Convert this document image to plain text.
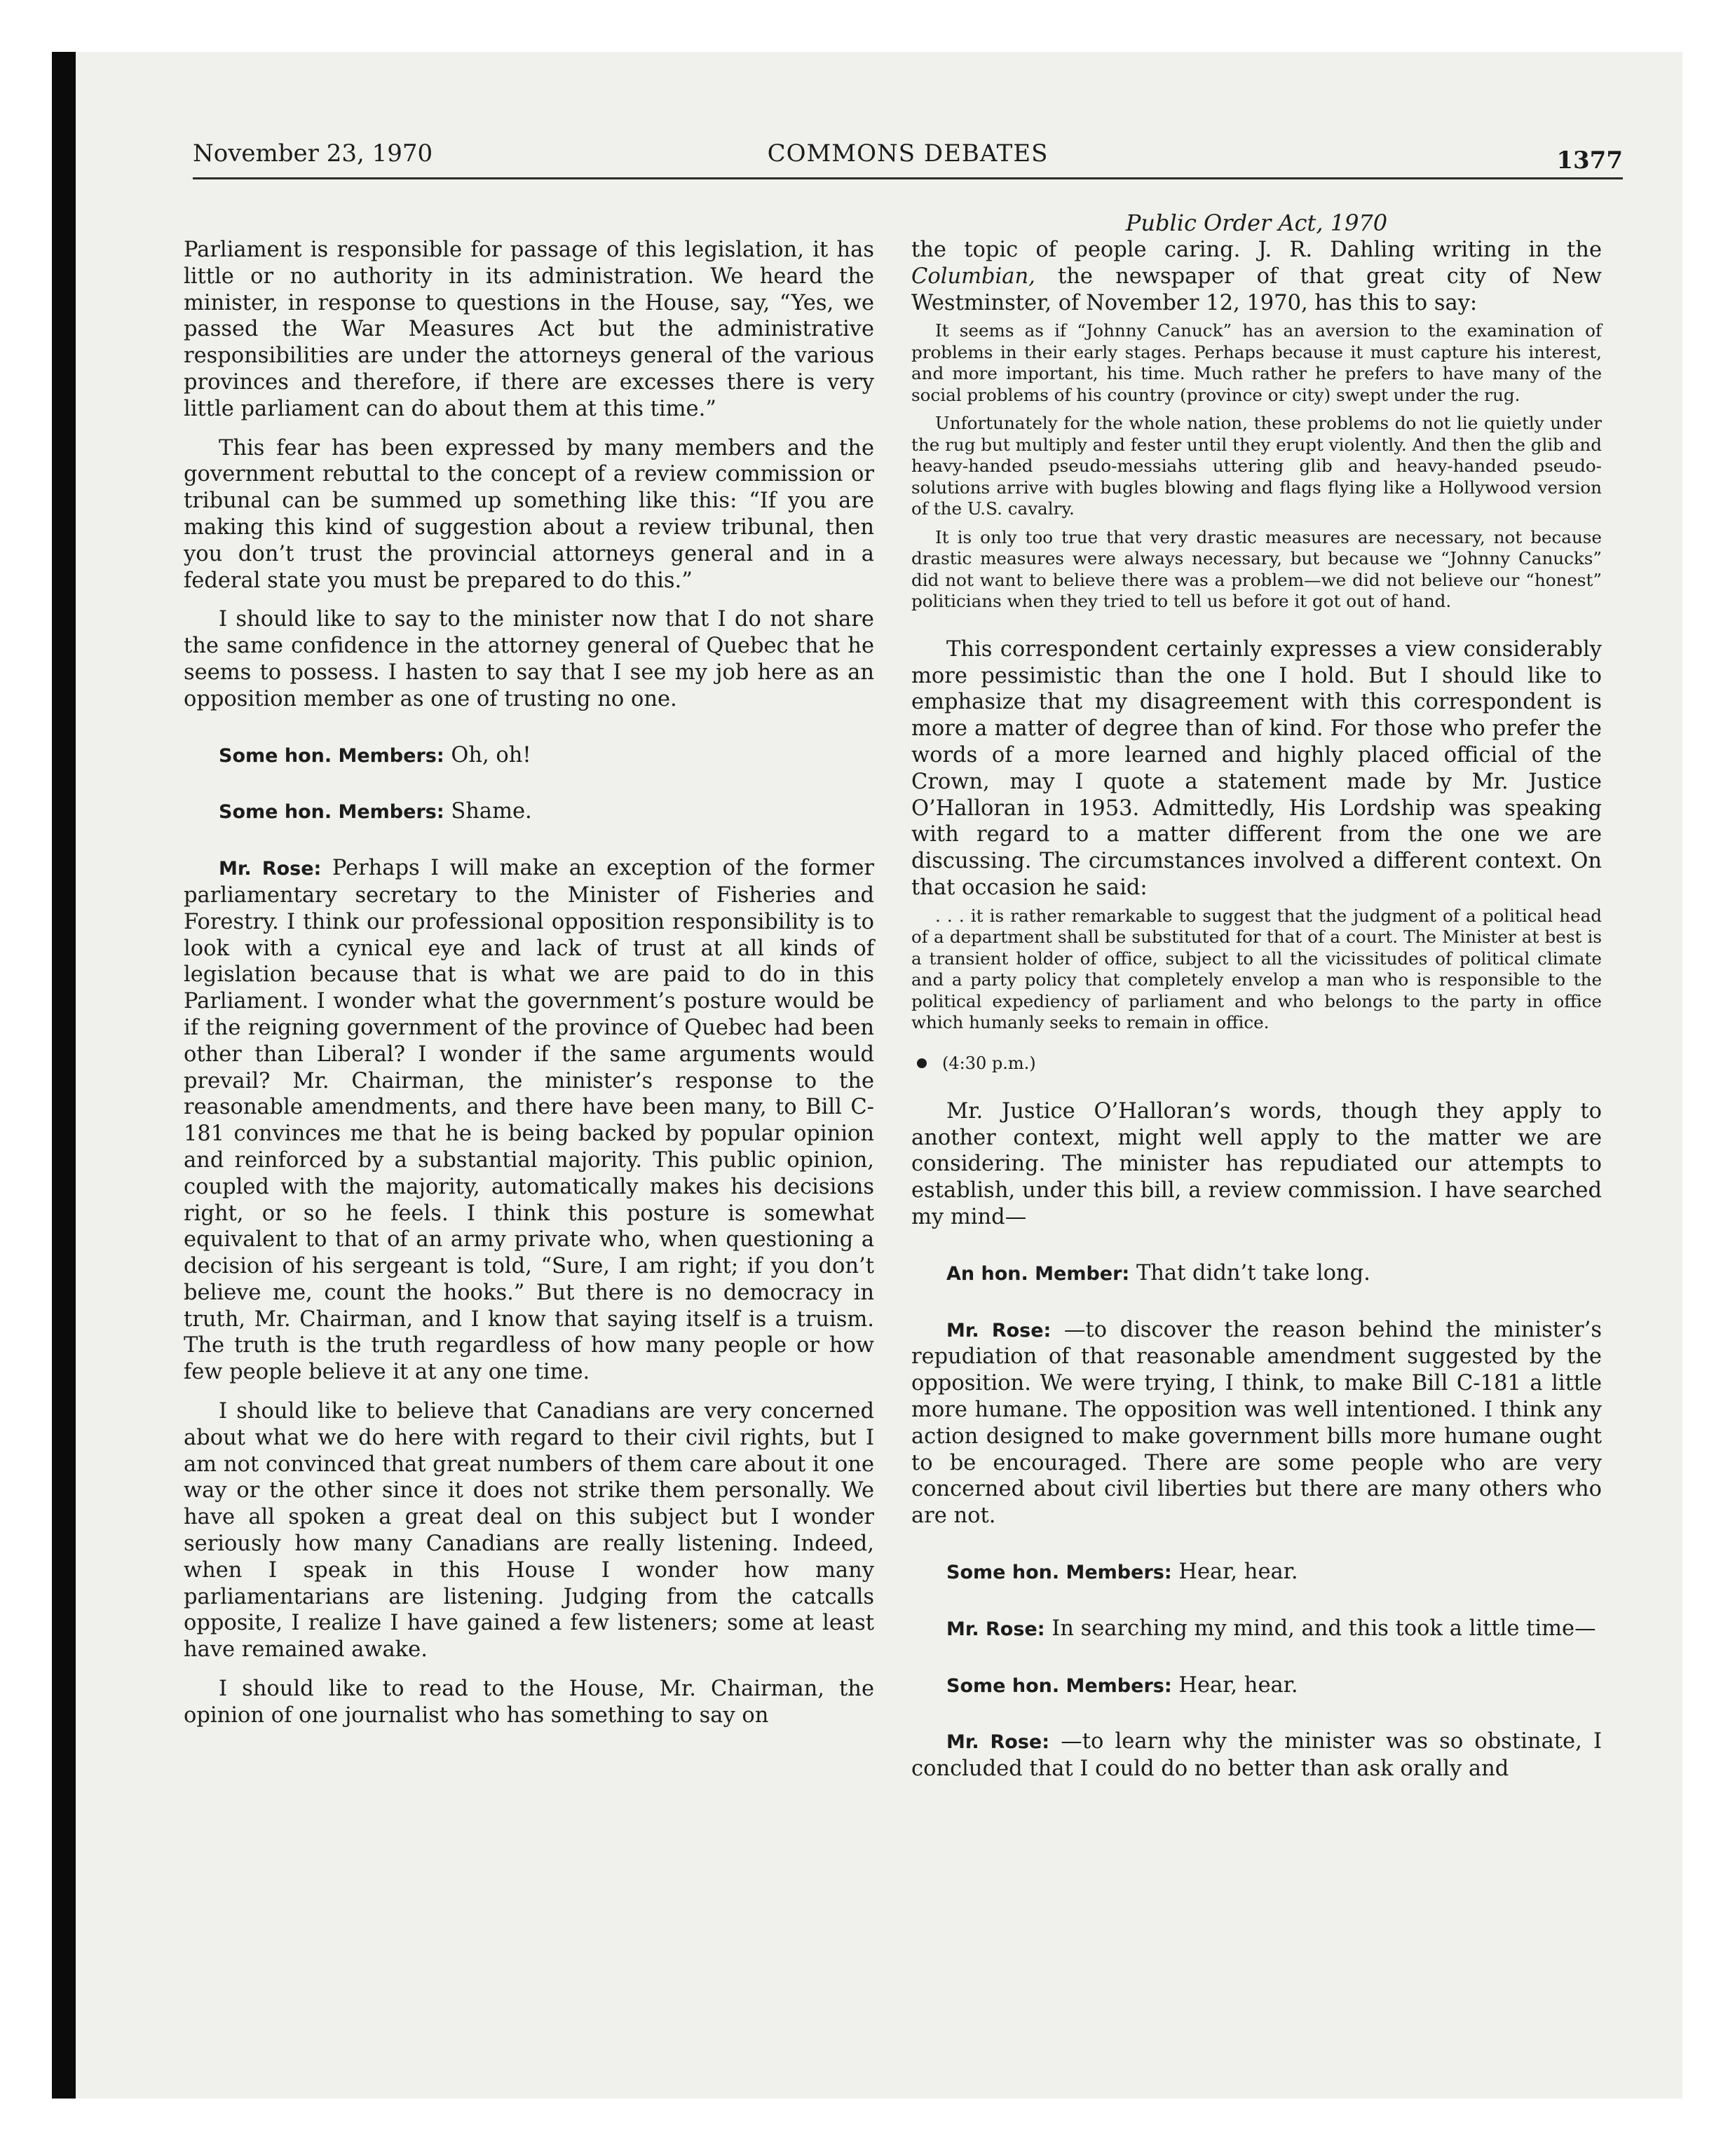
November 23, 1970	COMMONS DEBATES	1377

Parliament is responsible for passage of this legislation, it has little or no authority in its administration. We heard the minister, in response to questions in the House, say, “Yes, we passed the War Measures Act but the administrative responsibilities are under the attorneys general of the various provinces and therefore, if there are excesses there is very little parliament can do about them at this time.”

This fear has been expressed by many members and the government rebuttal to the concept of a review commission or tribunal can be summed up something like this: “If you are making this kind of suggestion about a review tribunal, then you don’t trust the provincial attorneys general and in a federal state you must be prepared to do this.”

I should like to say to the minister now that I do not share the same confidence in the attorney general of Quebec that he seems to possess. I hasten to say that I see my job here as an opposition member as one of trusting no one.

Some hon. Members: Oh, oh!

Some hon. Members: Shame.

Mr. Rose: Perhaps I will make an exception of the former parliamentary secretary to the Minister of Fisheries and Forestry. I think our professional opposition responsibility is to look with a cynical eye and lack of trust at all kinds of legislation because that is what we are paid to do in this Parliament. I wonder what the government’s posture would be if the reigning government of the province of Quebec had been other than Liberal? I wonder if the same arguments would prevail? Mr. Chairman, the minister’s response to the reasonable amendments, and there have been many, to Bill C-181 convinces me that he is being backed by popular opinion and reinforced by a substantial majority. This public opinion, coupled with the majority, automatically makes his decisions right, or so he feels. I think this posture is somewhat equivalent to that of an army private who, when questioning a decision of his sergeant is told, “Sure, I am right; if you don’t believe me, count the hooks.” But there is no democracy in truth, Mr. Chairman, and I know that saying itself is a truism. The truth is the truth regardless of how many people or how few people believe it at any one time.

I should like to believe that Canadians are very concerned about what we do here with regard to their civil rights, but I am not convinced that great numbers of them care about it one way or the other since it does not strike them personally. We have all spoken a great deal on this subject but I wonder seriously how many Canadians are really listening. Indeed, when I speak in this House I wonder how many parliamentarians are listening. Judging from the catcalls opposite, I realize I have gained a few listeners; some at least have remained awake.

I should like to read to the House, Mr. Chairman, the opinion of one journalist who has something to say on

Public Order Act, 1970

the topic of people caring. J. R. Dahling writing in the Columbian, the newspaper of that great city of New Westminster, of November 12, 1970, has this to say:

It seems as if “Johnny Canuck” has an aversion to the examination of problems in their early stages. Perhaps because it must capture his interest, and more important, his time. Much rather he prefers to have many of the social problems of his country (province or city) swept under the rug.

Unfortunately for the whole nation, these problems do not lie quietly under the rug but multiply and fester until they erupt violently. And then the glib and heavy-handed pseudo-messiahs uttering glib and heavy-handed pseudo-solutions arrive with bugles blowing and flags flying like a Hollywood version of the U.S. cavalry.

It is only too true that very drastic measures are necessary, not because drastic measures were always necessary, but because we “Johnny Canucks” did not want to believe there was a problem—we did not believe our “honest” politicians when they tried to tell us before it got out of hand.

This correspondent certainly expresses a view considerably more pessimistic than the one I hold. But I should like to emphasize that my disagreement with this correspondent is more a matter of degree than of kind. For those who prefer the words of a more learned and highly placed official of the Crown, may I quote a statement made by Mr. Justice O’Halloran in 1953. Admittedly, His Lordship was speaking with regard to a matter different from the one we are discussing. The circumstances involved a different context. On that occasion he said:

. . . it is rather remarkable to suggest that the judgment of a political head of a department shall be substituted for that of a court. The Minister at best is a transient holder of office, subject to all the vicissitudes of political climate and a party policy that completely envelop a man who is responsible to the political expediency of parliament and who belongs to the party in office which humanly seeks to remain in office.

(4:30 p.m.)

Mr. Justice O’Halloran’s words, though they apply to another context, might well apply to the matter we are considering. The minister has repudiated our attempts to establish, under this bill, a review commission. I have searched my mind—

An hon. Member: That didn’t take long.

Mr. Rose: —to discover the reason behind the minister’s repudiation of that reasonable amendment suggested by the opposition. We were trying, I think, to make Bill C-181 a little more humane. The opposition was well intentioned. I think any action designed to make government bills more humane ought to be encouraged. There are some people who are very concerned about civil liberties but there are many others who are not.

Some hon. Members: Hear, hear.

Mr. Rose: In searching my mind, and this took a little time—

Some hon. Members: Hear, hear.

Mr. Rose: —to learn why the minister was so obstinate, I concluded that I could do no better than ask orally and
